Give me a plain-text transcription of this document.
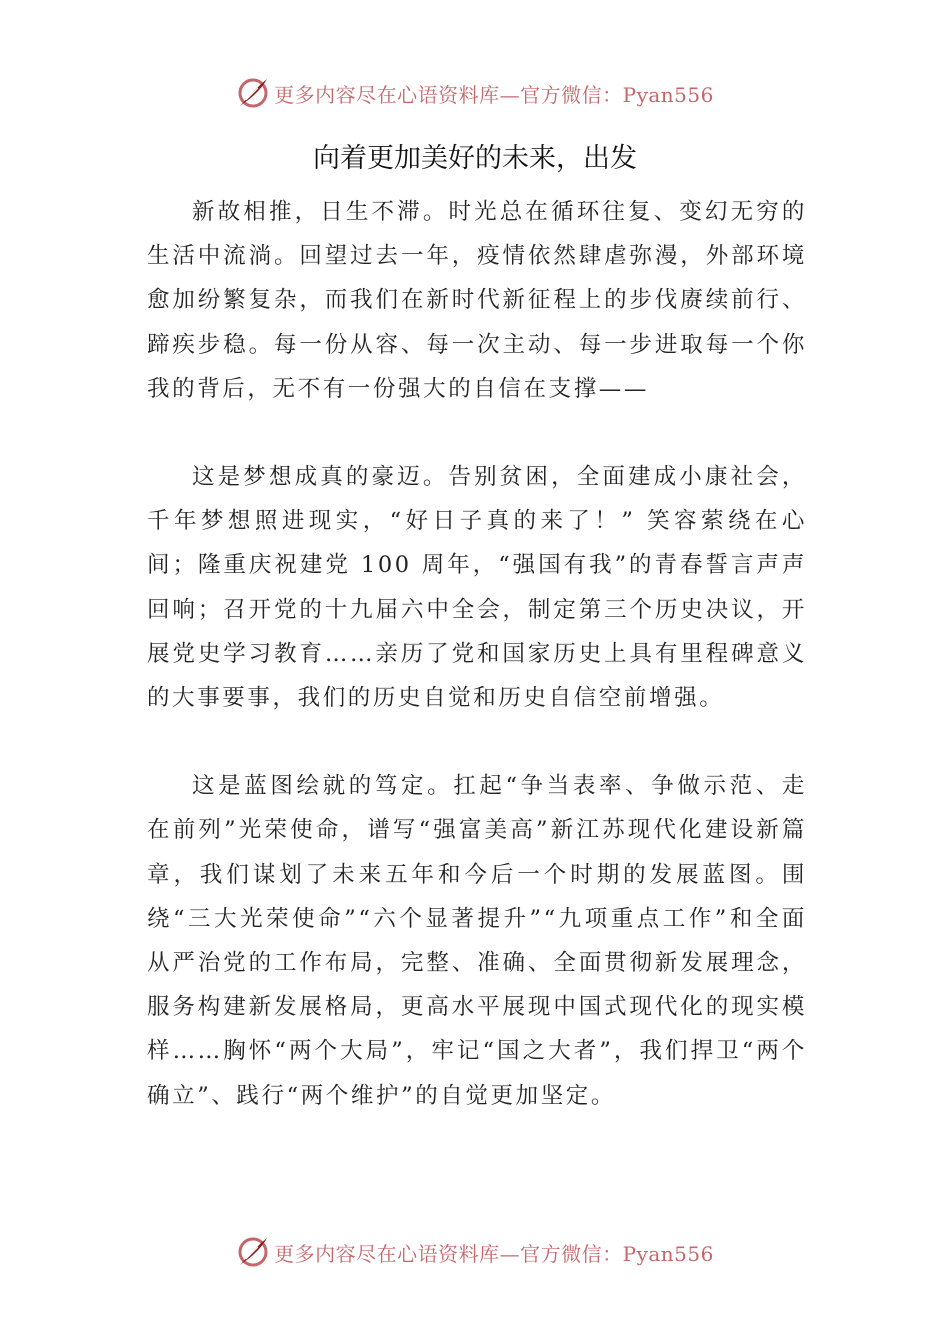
更多内容尽在心语资料库—官方微信：Pyan556
向着更加美好的未来，出发

新故相推，日生不滞。时光总在循环往复、变幻无穷的生活中流淌。回望过去一年，疫情依然肆虐弥漫，外部环境愈加纷繁复杂，而我们在新时代新征程上的步伐赓续前行、蹄疾步稳。每一份从容、每一次主动、每一步进取每一个你我的背后，无不有一份强大的自信在支撑——

这是梦想成真的豪迈。告别贫困，全面建成小康社会，千年梦想照进现实，“好日子真的来了！” 笑容萦绕在心间；隆重庆祝建党 100 周年，“强国有我”的青春誓言声声回响；召开党的十九届六中全会，制定第三个历史决议，开展党史学习教育……亲历了党和国家历史上具有里程碑意义的大事要事，我们的历史自觉和历史自信空前增强。

这是蓝图绘就的笃定。扛起“争当表率、争做示范、走在前列”光荣使命，谱写“强富美高”新江苏现代化建设新篇章，我们谋划了未来五年和今后一个时期的发展蓝图。围绕“三大光荣使命”“六个显著提升”“九项重点工作”和全面从严治党的工作布局，完整、准确、全面贯彻新发展理念，服务构建新发展格局，更高水平展现中国式现代化的现实模样……胸怀“两个大局”，牢记“国之大者”，我们捍卫“两个确立”、践行“两个维护”的自觉更加坚定。

更多内容尽在心语资料库—官方微信：Pyan556
